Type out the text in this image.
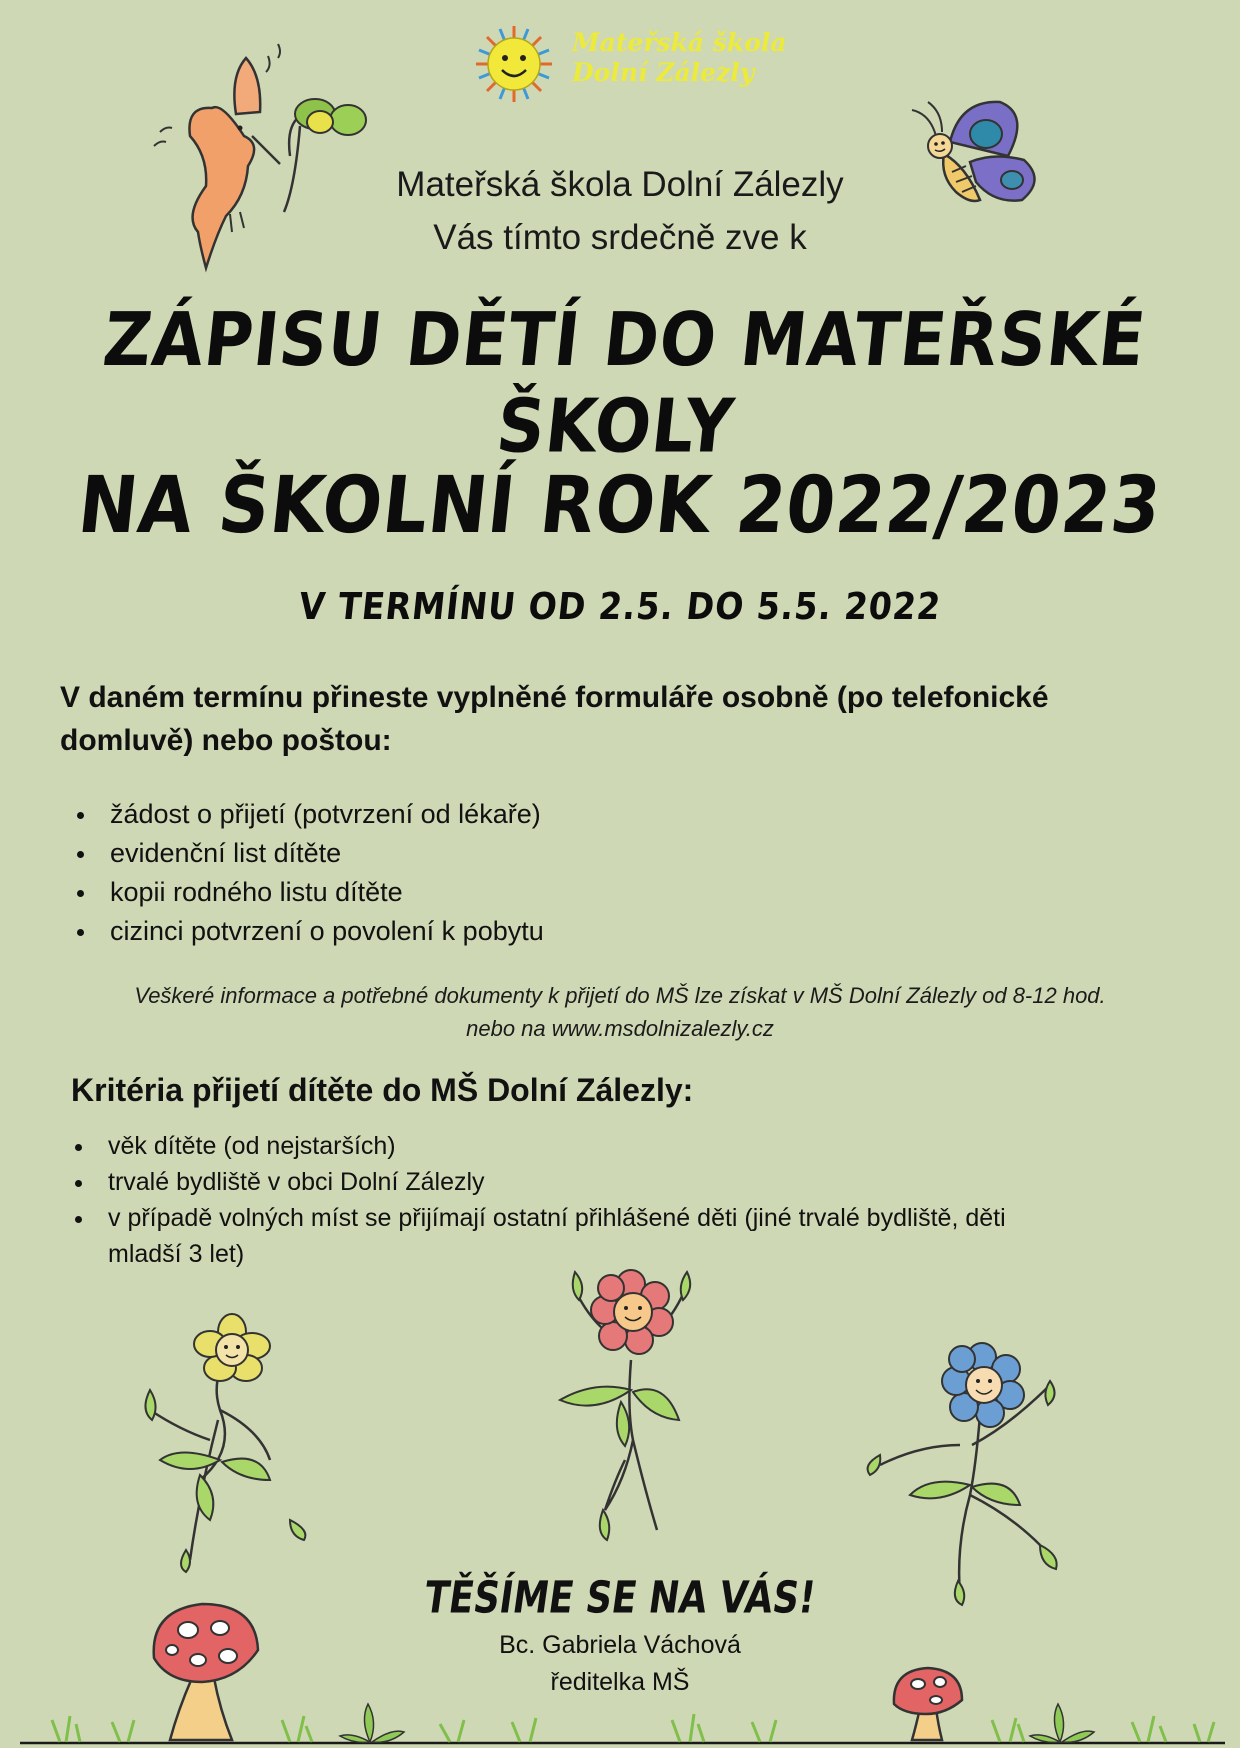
Mateřská škola
Dolní Zálezly
Mateřská škola Dolní Zálezly
Vás tímto srdečně zve k
ZÁPISU DĚTÍ DO MATEŘSKÉ ŠKOLY
NA ŠKOLNÍ ROK 2022/2023
V TERMÍNU OD 2.5. DO 5.5. 2022
V daném termínu přineste vyplněné formuláře osobně (po telefonické domluvě) nebo poštou:
žádost o přijetí (potvrzení od lékaře)
evidenční list dítěte
kopii rodného listu dítěte
cizinci potvrzení o povolení k pobytu
Veškeré informace a potřebné dokumenty k přijetí do MŠ lze získat v MŠ Dolní Zálezly od 8-12 hod.
nebo na www.msdolnizalezly.cz
Kritéria přijetí dítěte do MŠ Dolní Zálezly:
věk dítěte (od nejstarších)
trvalé bydliště v obci Dolní Zálezly
v případě volných míst se přijímají ostatní přihlášené děti (jiné trvalé bydliště, děti mladší 3 let)
TĚŠÍME SE NA VÁS!
Bc. Gabriela Váchová
ředitelka MŠ
